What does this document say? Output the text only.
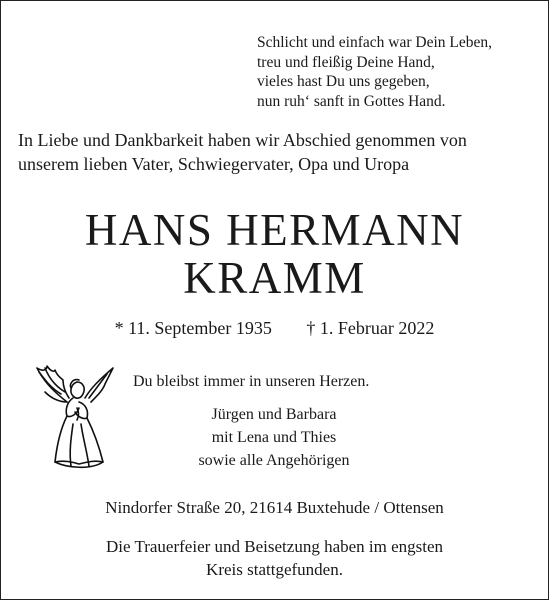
Schlicht und einfach war Dein Leben,
treu und fleißig Deine Hand,
vieles hast Du uns gegeben,
nun ruh‘ sanft in Gottes Hand.
In Liebe und Dankbarkeit haben wir Abschied genommen von
unserem lieben Vater, Schwiegervater, Opa und Uropa
HANS HERMANN
KRAMM
* 11. September 1935 † 1. Februar 2022
Du bleibst immer in unseren Herzen.
Jürgen und Barbara
mit Lena und Thies
sowie alle Angehörigen
Nindorfer Straße 20, 21614 Buxtehude / Ottensen
Die Trauerfeier und Beisetzung haben im engsten
Kreis stattgefunden.
